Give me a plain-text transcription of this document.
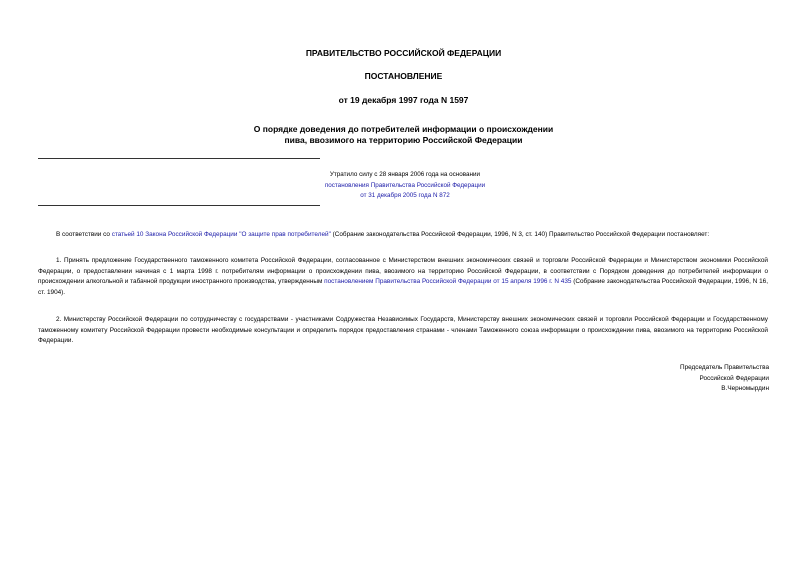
ПРАВИТЕЛЬСТВО РОССИЙСКОЙ ФЕДЕРАЦИИ
ПОСТАНОВЛЕНИЕ
от 19 декабря 1997 года N 1597
О порядке доведения до потребителей информации о происхождении
пива, ввозимого на территорию Российской Федерации
Утратило силу с 28 января 2006 года на основании
постановления Правительства Российской Федерации
от 31 декабря 2005 года N 872
В соответствии со статьей 10 Закона Российской Федерации "О защите прав потребителей" (Собрание законодательства Российской Федерации, 1996, N 3, ст. 140) Правительство Российской Федерации постановляет:
1. Принять предложение Государственного таможенного комитета Российской Федерации, согласованное с Министерством внешних экономических связей и торговли Российской Федерации и Министерством экономики Российской Федерации, о предоставлении начиная с 1 марта 1998 г. потребителям информации о происхождении пива, ввозимого на территорию Российской Федерации, в соответствии с Порядком доведения до потребителей информации о происхождении алкогольной и табачной продукции иностранного производства, утвержденным постановлением Правительства Российской Федерации от 15 апреля 1996 г. N 435 (Собрание законодательства Российской Федерации, 1996, N 16, ст. 1904).
2. Министерству Российской Федерации по сотрудничеству с государствами - участниками Содружества Независимых Государств, Министерству внешних экономических связей и торговли Российской Федерации и Государственному таможенному комитету Российской Федерации провести необходимые консультации и определить порядок предоставления странами - членами Таможенного союза информации о происхождении пива, ввозимого на территорию Российской Федерации.
Председатель Правительства
Российской Федерации
В.Черномырдин
